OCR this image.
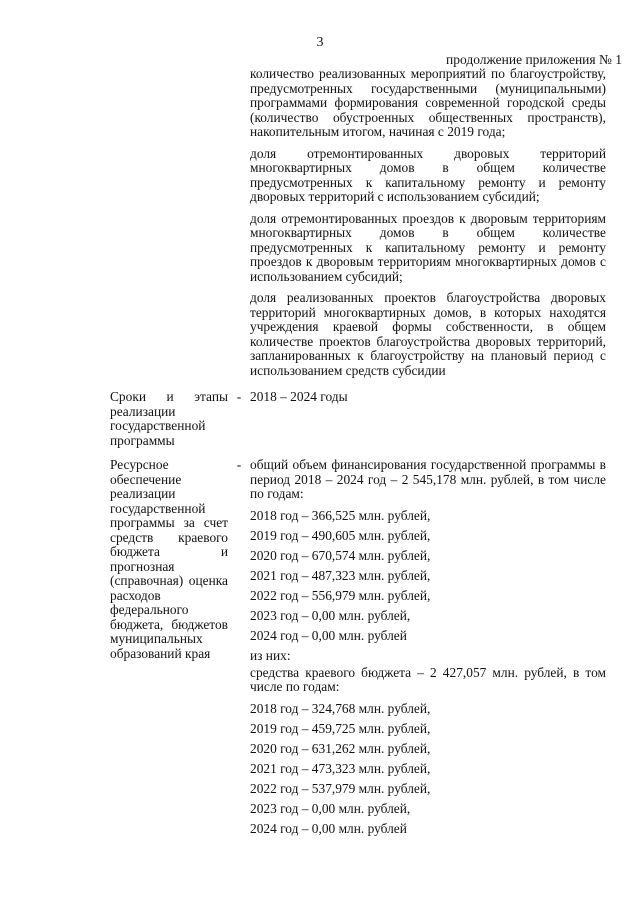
3
продолжение приложения № 1

количество реализованных мероприятий по благоустройству, предусмотренных государственными (муниципальными) программами формирования современной городской среды (количество обустроенных общественных пространств), накопительным итогом, начиная с 2019 года;

доля отремонтированных дворовых территорий многоквартирных домов в общем количестве предусмотренных к капитальному ремонту и ремонту дворовых территорий с использованием субсидий;

доля отремонтированных проездов к дворовым территориям многоквартирных домов в общем количестве предусмотренных к капитальному ремонту и ремонту проездов к дворовым территориям многоквартирных домов с использованием субсидий;

доля реализованных проектов благоустройства дворовых территорий многоквартирных домов, в которых находятся учреждения краевой формы собственности, в общем количестве проектов благоустройства дворовых территорий, запланированных к благоустройству на плановый период с использованием средств субсидии

Сроки и этапы реализации государственной программы
- 2018 – 2024 годы
Ресурсное обеспечение реализации государственной программы за счет средств краевого бюджета и прогнозная (справочная) оценка расходов федерального бюджета, бюджетов муниципальных образований края
- общий объем финансирования государственной программы в период 2018 – 2024 год – 2 545,178 млн. рублей, в том числе по годам:

2018 год – 366,525 млн. рублей,

2019 год – 490,605 млн. рублей,

2020 год – 670,574 млн. рублей,

2021 год – 487,323 млн. рублей,

2022 год – 556,979 млн. рублей,

2023 год – 0,00 млн. рублей,

2024 год – 0,00 млн. рублей

из них:

средства краевого бюджета – 2 427,057 млн. рублей, в том числе по годам:

2018 год – 324,768 млн. рублей,

2019 год – 459,725 млн. рублей,

2020 год – 631,262 млн. рублей,

2021 год – 473,323 млн. рублей,

2022 год – 537,979 млн. рублей,

2023 год – 0,00 млн. рублей,

2024 год – 0,00 млн. рублей
